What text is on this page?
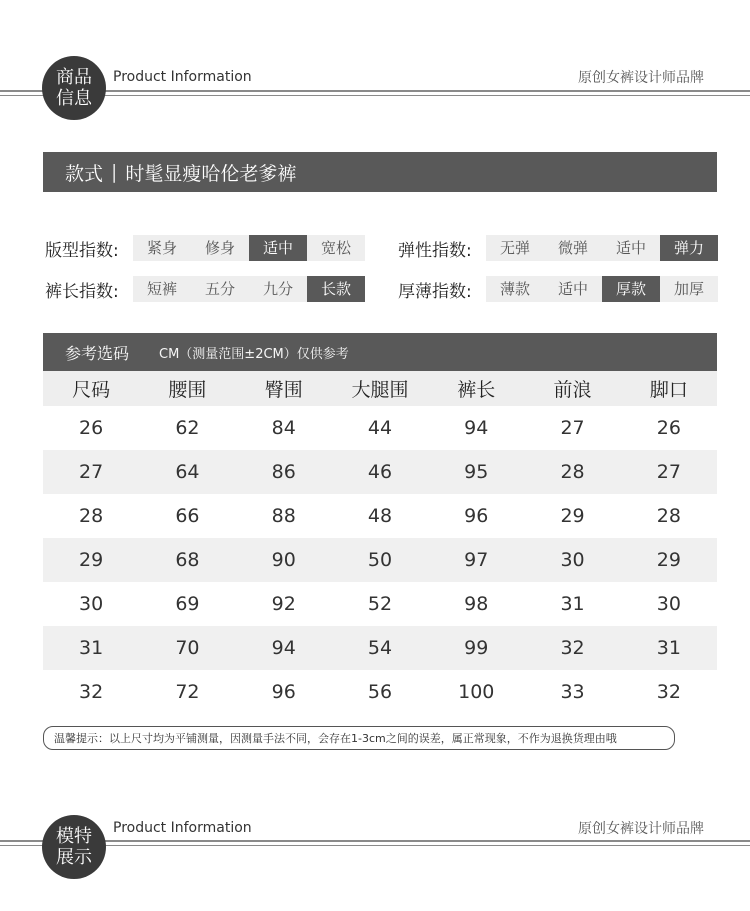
商品
信息
Product Information	原创女裤设计师品牌
款式 | 时髦显瘦哈伦老爹裤
版型指数:	紧身	修身	适中	宽松	弹性指数:	无弹	微弹	适中	弹力
裤长指数:	短裤	五分	九分	长款	厚薄指数:	薄款	适中	厚款	加厚
参考选码 CM（测量范围±2CM）仅供参考
尺码	腰围	臀围	大腿围	裤长	前浪	脚口
26	62	84	44	94	27	26
27	64	86	46	95	28	27
28	66	88	48	96	29	28
29	68	90	50	97	30	29
30	69	92	52	98	31	30
31	70	94	54	99	32	31
32	72	96	56	100	33	32
温馨提示：以上尺寸均为平铺测量，因测量手法不同，会存在1-3cm之间的误差，属正常现象，不作为退换货理由哦
模特
展示
Product Information	原创女裤设计师品牌
